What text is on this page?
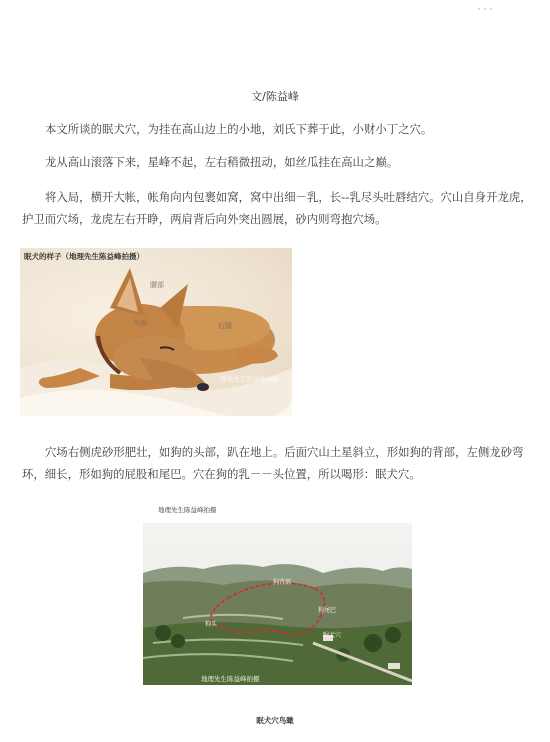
文/陈益峰

本文所谈的眠犬穴，为挂在高山边上的小地，刘氏下葬于此，小财小丁之穴。

龙从高山滚落下来，星峰不起，左右稍微扭动，如丝瓜挂在高山之巅。

将入局，横开大帐，帐角向内包裹如窝，窝中出细－乳，长--乳尽头吐唇结穴。穴山自身开龙虎，护卫而穴场，龙虎左右开睁，两肩背后向外突出圆展，砂内则弯抱穴场。

眠犬的样子（地理先生陈益峰拍摄）
腰部
头部	后腿
地理先生陈益峰拍摄

穴场右侧虎砂形肥壮，如狗的头部，趴在地上。后面穴山土星斜立，形如狗的背部，左侧龙砂弯环，细长，形如狗的屁股和尾巴。穴在狗的乳－－头位置，所以喝形：眠犬穴。

地理先生陈益峰拍摄
狗背部
狗尾巴
狗头
眠犬穴
地理先生陈益峰拍摄
眠犬穴鸟瞰
